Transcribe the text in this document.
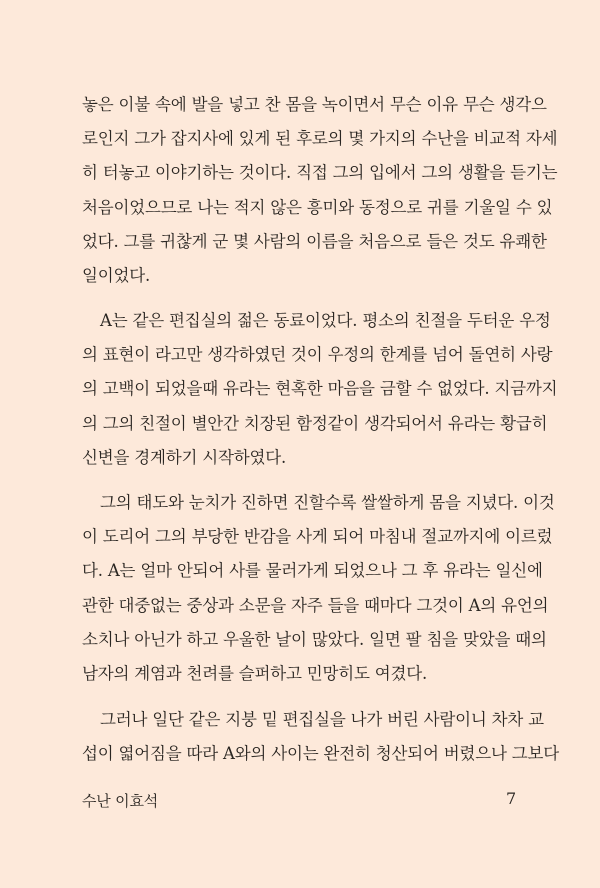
놓은 이불 속에 발을 넣고 찬 몸을 녹이면서 무슨 이유 무슨 생각으
로인지 그가 잡지사에 있게 된 후로의 몇 가지의 수난을 비교적 자세
히 터놓고 이야기하는 것이다. 직접 그의 입에서 그의 생활을 듣기는
처음이었으므로 나는 적지 않은 흥미와 동정으로 귀를 기울일 수 있
었다. 그를 귀찮게 군 몇 사람의 이름을 처음으로 들은 것도 유쾌한
일이었다.
A는 같은 편집실의 젊은 동료이었다. 평소의 친절을 두터운 우정
의 표현이 라고만 생각하였던 것이 우정의 한계를 넘어 돌연히 사랑
의 고백이 되었을때 유라는 현혹한 마음을 금할 수 없었다. 지금까지
의 그의 친절이 별안간 치장된 함정같이 생각되어서 유라는 황급히
신변을 경계하기 시작하였다.
그의 태도와 눈치가 진하면 진할수록 쌀쌀하게 몸을 지녔다. 이것
이 도리어 그의 부당한 반감을 사게 되어 마침내 절교까지에 이르렀
다. A는 얼마 안되어 사를 물러가게 되었으나 그 후 유라는 일신에
관한 대중없는 중상과 소문을 자주 들을 때마다 그것이 A의 유언의
소치나 아닌가 하고 우울한 날이 많았다. 일면 팔 침을 맞았을 때의
남자의 계염과 천려를 슬퍼하고 민망히도 여겼다.
그러나 일단 같은 지붕 밑 편집실을 나가 버린 사람이니 차차 교
섭이 엷어짐을 따라 A와의 사이는 완전히 청산되어 버렸으나 그보다
수난 이효석	7
